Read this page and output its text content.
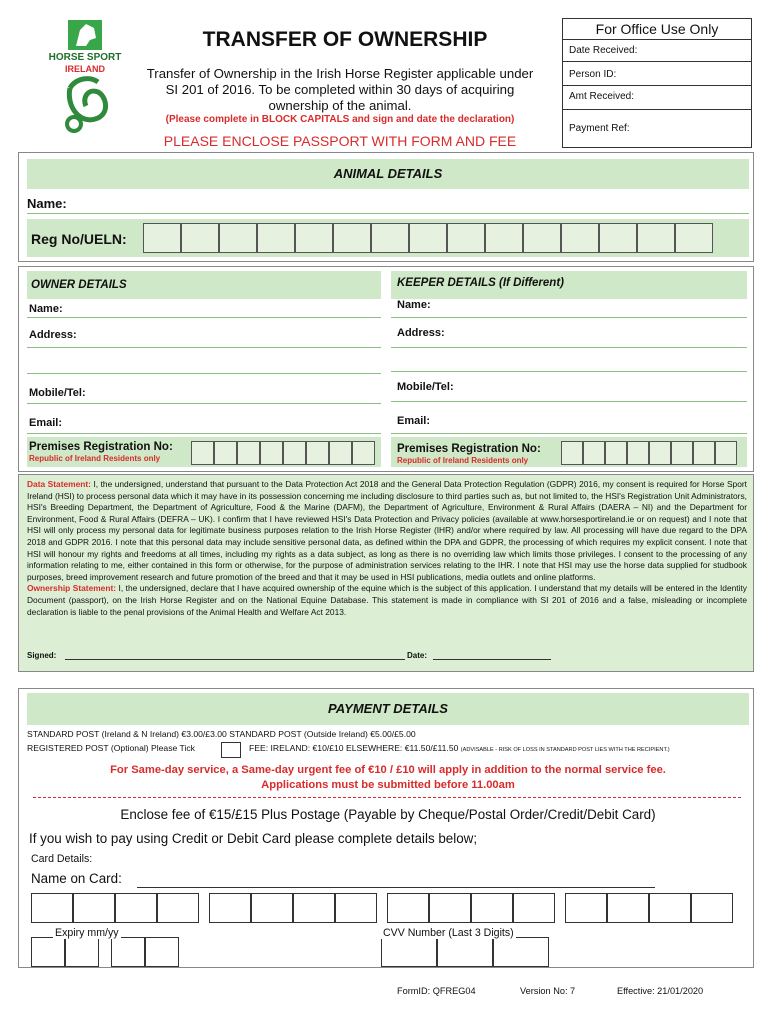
HORSE SPORT
IRELAND
TRANSFER OF OWNERSHIP
Transfer of Ownership in the Irish Horse Register applicable under
SI 201 of 2016. To be completed within 30 days of acquiring
ownership of the animal.
(Please complete in BLOCK CAPITALS and sign and date the declaration)
PLEASE ENCLOSE PASSPORT WITH FORM AND FEE
For Office Use Only
Date Received:
Person ID:
Amt Received:
Payment Ref:
ANIMAL DETAILS
Name:
Reg No/UELN:
OWNER DETAILS
Name:
Address:
Mobile/Tel:
Email:
Premises Registration No:
Republic of Ireland Residents only
KEEPER DETAILS (If Different)
Name:
Address:
Mobile/Tel:
Email:
Premises Registration No:
Republic of Ireland Residents only
Data Statement: I, the undersigned, understand that pursuant to the Data Protection Act 2018 and the General Data Protection Regulation (GDPR) 2016, my consent is required for Horse Sport Ireland (HSI) to process personal data which it may have in its possession concerning me including disclosure to third parties such as, but not limited to, the HSI's Registration Unit Administrators, HSI's Breeding Department, the Department of Agriculture, Food & the Marine (DAFM), the Department of Agriculture, Environment & Rural Affairs (DAERA – NI) and the Department for Environment, Food & Rural Affairs (DEFRA – UK). I confirm that I have reviewed HSI's Data Protection and Privacy policies (available at www.horsesportireland.ie or on request) and I note that HSI will only process my personal data for legitimate business purposes relation to the Irish Horse Register (IHR) and/or where required by law. All processing will have due regard to the DPA 2018 and GDPR 2016. I note that this personal data may include sensitive personal data, as defined within the DPA and GDPR, the processing of which requires my explicit consent. I note that HSI will honour my rights and freedoms at all times, including my rights as a data subject, as long as there is no overriding law which limits those privileges. I consent to the processing of any information relating to me, either contained in this form or otherwise, for the purpose of administration services relating to the IHR. I note that HSI may use the horse data supplied for studbook purposes, breed improvement research and future promotion of the breed and that it may be used in HSI publications, media outlets and online platforms.
Ownership Statement: I, the undersigned, declare that I have acquired ownership of the equine which is the subject of this application. I understand that my details will be entered in the Identity Document (passport), on the Irish Horse Register and on the National Equine Database. This statement is made in compliance with SI 201 of 2016 and a false, misleading or incomplete declaration is liable to the penal provisions of the Animal Health and Welfare Act 2013.
Signed:	Date:
PAYMENT DETAILS
STANDARD POST (Ireland & N Ireland) €3.00/£3.00 STANDARD POST (Outside Ireland) €5.00/£5.00
REGISTERED POST (Optional) Please Tick	FEE: IRELAND: €10/£10 ELSEWHERE: €11.50/£11.50 (ADVISABLE - RISK OF LOSS IN STANDARD POST LIES WITH THE RECIPIENT.)
For Same-day service, a Same-day urgent fee of €10 / £10 will apply in addition to the normal service fee.
Applications must be submitted before 11.00am
Enclose fee of €15/£15 Plus Postage (Payable by Cheque/Postal Order/Credit/Debit Card)
If you wish to pay using Credit or Debit Card please complete details below;
Card Details:
Name on Card:
Expiry mm/yy	CVV Number (Last 3 Digits)
FormID: QFREG04	Version No: 7	Effective: 21/01/2020
